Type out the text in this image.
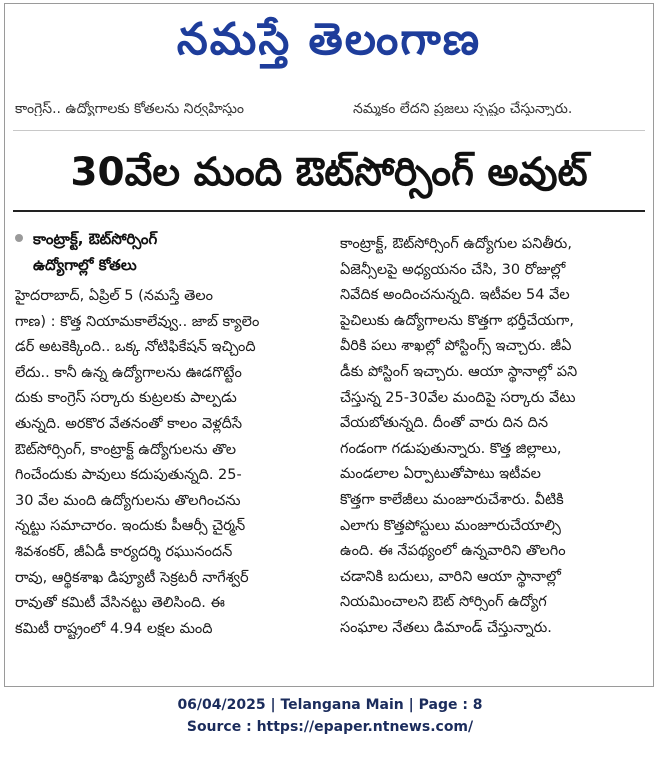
నమస్తే తెలంగాణ
కాంగ్రెస్.. ఉద్యోగాలకు కోతలను నిర్వహిస్తుం	నమ్మకం లేదని ప్రజలు స్పష్టం చేస్తున్నారు.
30వేల మంది ఔట్‌సోర్సింగ్ అవుట్
కాంట్రాక్ట్, ఔట్‌సోర్సింగ్
ఉద్యోగాల్లో కోతలు
హైదరాబాద్, ఏప్రిల్ 5 (నమస్తే తెలం
గాణ) : కొత్త నియామకాలేవ్వు.. జాబ్ క్యాలెం
డర్ అటకెక్కింది.. ఒక్క నోటిఫికేషన్ ఇచ్చింది
లేదు.. కానీ ఉన్న ఉద్యోగాలను ఊడగొట్టేం
దుకు కాంగ్రెస్ సర్కారు కుట్రలకు పాల్పడు
తున్నది. అరకొర వేతనంతో కాలం వెళ్లదీసే
ఔట్‌సోర్సింగ్, కాంట్రాక్ట్ ఉద్యోగులను తొల
గించేందుకు పావులు కదుపుతున్నది. 25-
30 వేల మంది ఉద్యోగులను తొలగించను
న్నట్టు సమాచారం. ఇందుకు పీఆర్సీ చైర్మన్
శివశంకర్, జీఏడీ కార్యదర్శి రఘునందన్
రావు, ఆర్థికశాఖ డిప్యూటీ సెక్రటరీ నాగేశ్వర్
రావుతో కమిటీ వేసినట్టు తెలిసింది. ఈ
కమిటీ రాష్ట్రంలో 4.94 లక్షల మంది
కాంట్రాక్ట్, ఔట్‌సోర్సింగ్ ఉద్యోగుల పనితీరు,
ఏజెన్సీలపై అధ్యయనం చేసి, 30 రోజుల్లో
నివేదిక అందించనున్నది. ఇటీవల 54 వేల
పైచిలుకు ఉద్యోగాలను కొత్తగా భర్తీచేయగా,
వీరికి పలు శాఖల్లో పోస్టింగ్స్ ఇచ్చారు. జీఏ
డీకు పోస్టింగ్ ఇచ్చారు. ఆయా స్థానాల్లో పని
చేస్తున్న 25-30వేల మందిపై సర్కారు వేటు
వేయబోతున్నది. దీంతో వారు దిన దిన
గండంగా గడుపుతున్నారు. కొత్త జిల్లాలు,
మండలాల ఏర్పాటుతోపాటు ఇటీవల
కొత్తగా కాలేజీలు మంజూరుచేశారు. వీటికి
ఎలాగు కొత్తపోస్టులు మంజూరుచేయాల్సి
ఉంది. ఈ నేపథ్యంలో ఉన్నవారిని తొలగిం
చడానికి బదులు, వారిని ఆయా స్థానాల్లో
నియమించాలని ఔట్ సోర్సింగ్ ఉద్యోగ
సంఘాల నేతలు డిమాండ్ చేస్తున్నారు.
06/04/2025 | Telangana Main | Page : 8
Source : https://epaper.ntnews.com/
